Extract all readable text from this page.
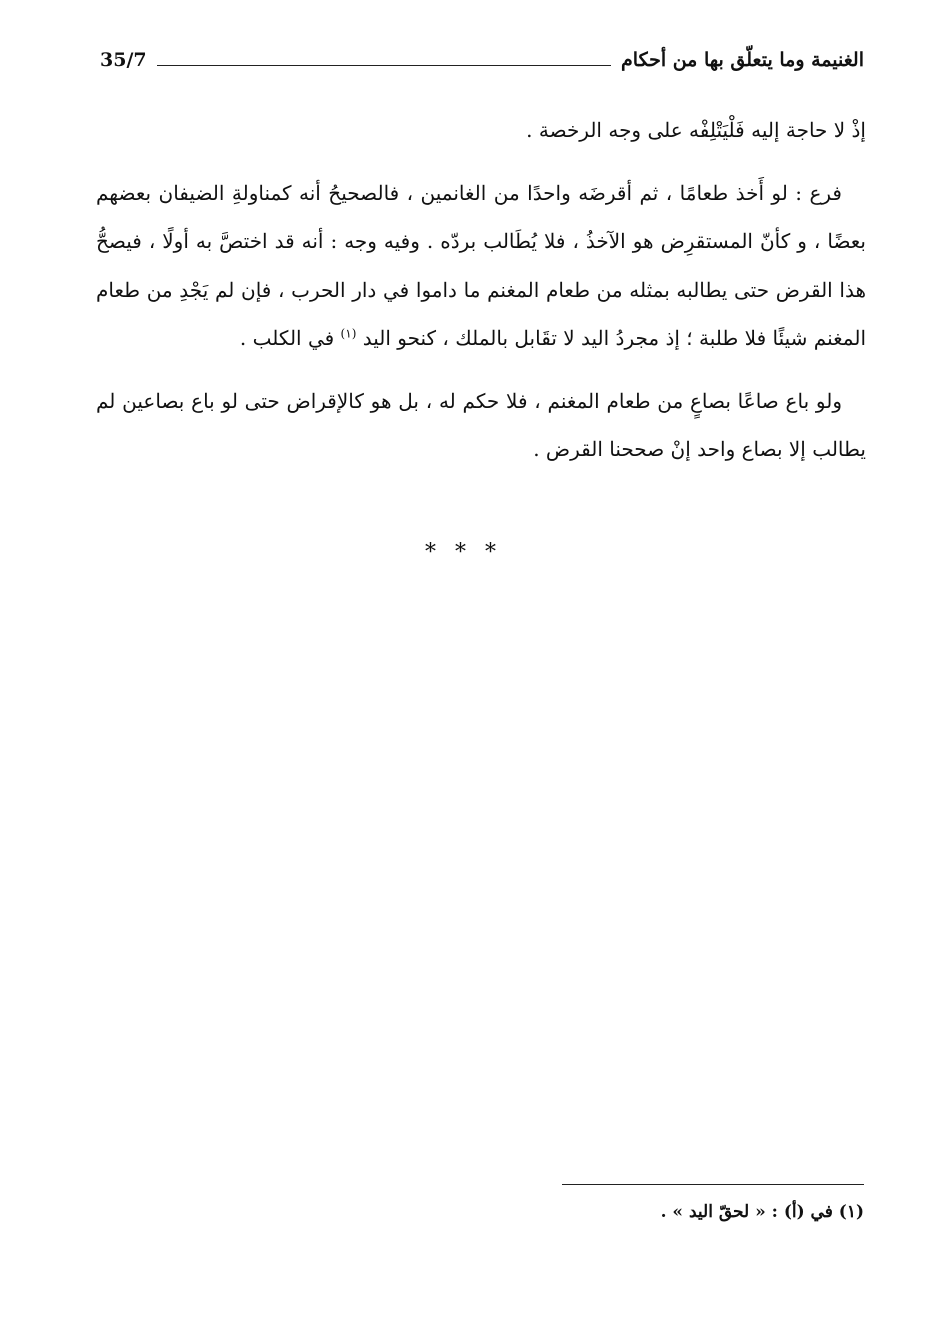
الغنيمة وما يتعلّق بها من أحكام
35/7

إذْ لا حاجة إليه فَلْيَتْلِفْه على وجه الرخصة .

فرع : لو أَخذ طعامًا ، ثم أقرضَه واحدًا من الغانمين ، فالصحيحُ أنه كمناولةِ الضيفان بعضهم بعضًا ، و كأنّ المستقرِض هو الآخذُ ، فلا يُطَالب بردّه . وفيه وجه : أنه قد اختصَّ به أولًا ، فيصحُّ هذا القرض حتى يطالبه بمثله من طعام المغنم ما داموا في دار الحرب ، فإن لم يَجْدِ من طعام المغنم شيئًا فلا طلبة ؛ إذ مجردُ اليد لا تقَابل بالملك ، كنحو اليد $^{(١)}$ في الكلب .

ولو باع صاعًا بصاعٍ من طعام المغنم ، فلا حكم له ، بل هو كالإقراض حتى لو باع بصاعين لم يطالب إلا بصاع واحد إنْ صححنا القرض .

* * *
(١) في (أ) : « لحقّ اليد » .
